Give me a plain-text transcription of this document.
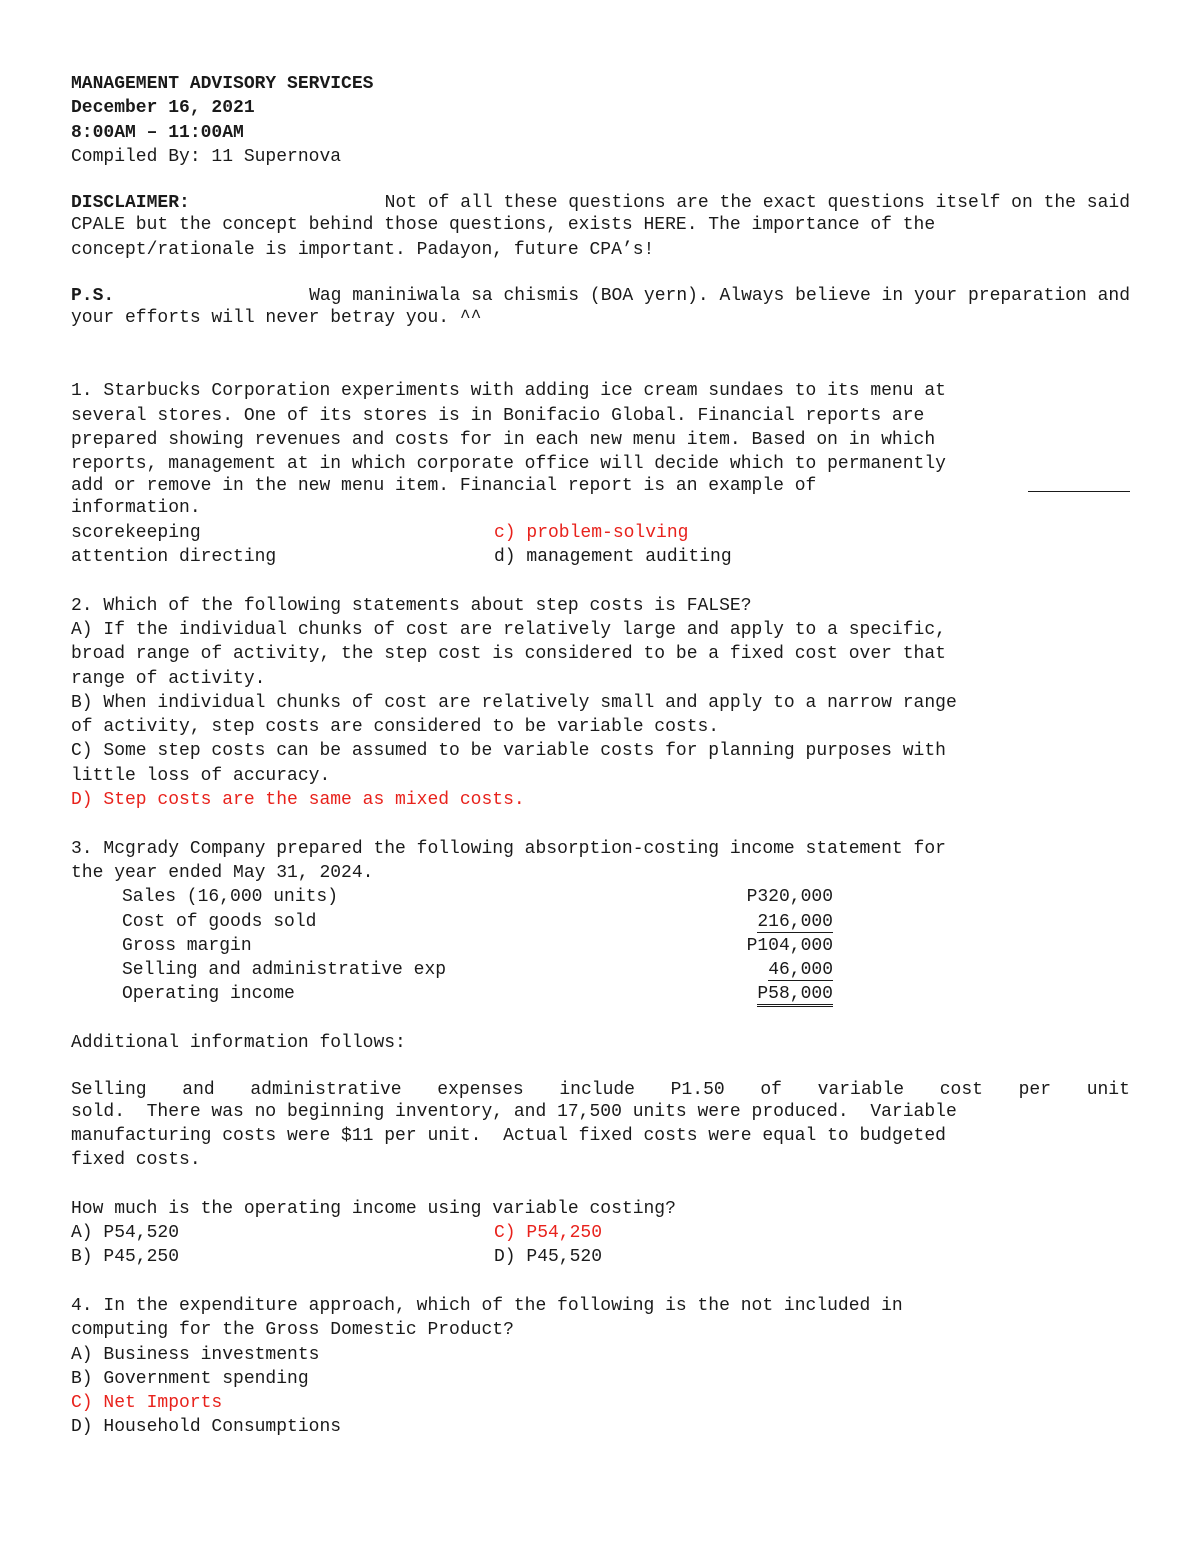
MANAGEMENT ADVISORY SERVICES
December 16, 2021
8:00AM – 11:00AM
Compiled By: 11 Supernova
DISCLAIMER:	Not of all these questions are the exact questions itself on the said
CPALE but the concept behind those questions, exists HERE. The importance of the
concept/rationale is important. Padayon, future CPA’s!
P.S.	Wag maniniwala sa chismis (BOA yern). Always believe in your preparation and
your efforts will never betray you. ^^
1. Starbucks Corporation experiments with adding ice cream sundaes to its menu at
several stores. One of its stores is in Bonifacio Global. Financial reports are
prepared showing revenues and costs for in each new menu item. Based on in which
reports, management at in which corporate office will decide which to permanently
add or remove in the new menu item. Financial report is an example of
information.
scorekeeping	c) problem-solving
attention directing	d) management auditing
2. Which of the following statements about step costs is FALSE?
A) If the individual chunks of cost are relatively large and apply to a specific,
broad range of activity, the step cost is considered to be a fixed cost over that
range of activity.
B) When individual chunks of cost are relatively small and apply to a narrow range
of activity, step costs are considered to be variable costs.
C) Some step costs can be assumed to be variable costs for planning purposes with
little loss of accuracy.
D) Step costs are the same as mixed costs.
3. Mcgrady Company prepared the following absorption-costing income statement for
the year ended May 31, 2024.
Sales (16,000 units)	P320,000
Cost of goods sold	216,000
Gross margin	P104,000
Selling and administrative exp	46,000
Operating income	P58,000
Additional information follows:
Selling and administrative expenses include P1.50 of variable cost per unit
sold.  There was no beginning inventory, and 17,500 units were produced.  Variable
manufacturing costs were $11 per unit.  Actual fixed costs were equal to budgeted
fixed costs.
How much is the operating income using variable costing?
A) P54,520	C) P54,250
B) P45,250	D) P45,520
4. In the expenditure approach, which of the following is the not included in
computing for the Gross Domestic Product?
A) Business investments
B) Government spending
C) Net Imports
D) Household Consumptions
